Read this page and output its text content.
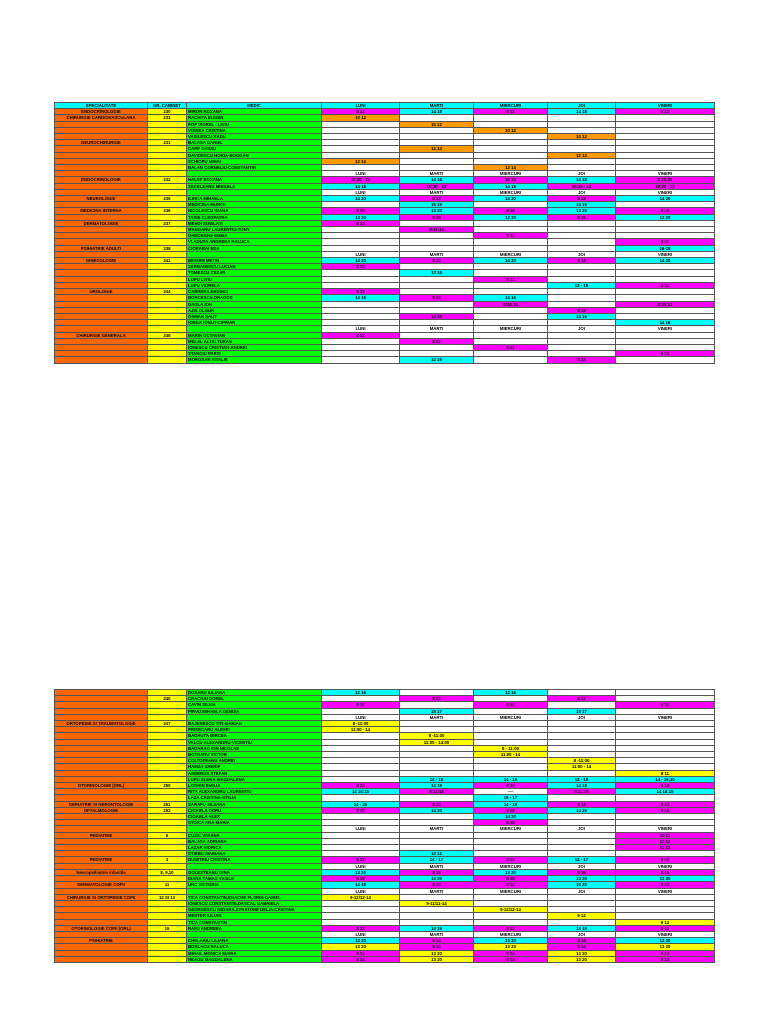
SPECIALITATE	NR. CABINET	MEDIC	LUNI	MARTI	MIERCURI	JOI	VINERI
ENDOCRINOLOGIE	230	MIRON ROXANA	8 12	14 18	8 12	14 18	8 12
CHIRURGIE CARDIOVASCULARA	231	RACHITA EUGEN	10 12				
		POP VIOREL - LIVIU		10 12			
		VOINEA CRISTINA			10 12		
		VASILESCU RADU				10 12	
NEUROCHIRURGIE	231	BALASA DANIEL					
		CARP OVIDIU		12 14			
		DAVIDESCU HORIA-BOGDAN				12 14	
		SCHIOPU MIHAI	12 14				
		BALAN CORNELIU-CONSTANTIN			12 14		
			LUNI	MARTI	MIERCURI	JOI	VINERI
ENDOCRINOLOGIE	232	HALEF ROXANA	10:30 - 13	14 18	10 13	14 18	8 10:30
		SECELEANU MIHAELA	14 18	10:30 - 13	14 18	10:30 - 13	10:30 - 13
			LUNI	MARTI	MIERCURI	JOI	VINERI
NEUROLOGIE	235	ILINCA MIHAELA	14 20	8 13	14 20	8 13	14 20
		MEDICINA MUNCII		15 19		15 19	
MEDICINA INTERNA	236	NICOLESCU IOANA	8 15	13 20	8 15	13 20	8 15
		TASIE CLEOPATRA	13 20	8 15	13 20	8 15	13 20
DERMATOLOGIE	237	MEHDI SOWLATI	8 13				
		MANGANU LAURENTIU-TONY		8-11-14			
		GHEORGHE EMMA			8 11		
		VLADUTA ANDREEA RALUCA					8 11
PSIHIATRIE ADULTI	238	CIORABAI EDA					16-18
			LUNI	MARTI	MIERCURI	JOI	VINERI
GINECOLOGIE	241	BESHIM METIN	14 20	8 13	14 20	8 13	14 20
		SERBANESCU LUCIAN	8 13				
		TOMESCU CEZAR		13 15			
		LUPU LIVIU			8 11		
		LUPU VIORELA				13 - 15	8 11
UROLOGIE	244	CABRERA ERDINCI	8 13				
		BORCESCU DRAGOS	14 16	8 13	14 16		
		DAGLA ION			8:30 13		8:30 13
		AJIS OLGUN				8 13	
		OSMAN SAUT		14 16		14 16	
		IORGA IONUT-CIPRIAN					14 16
			LUNI	MARTI	MIERCURI	JOI	VINERI
CHIRURGIE GENERALA	245	MARIN OCTAVIAN	8 12				
		MELAL ALTAI TURAN		8 12			
		IONESCU CRISTIAN-ANDREI			8 12		
		STANCIU PARIS					8 12
		MOROSAN VITALIE		12 16		8 12	
		DOSARU IULIANA	12 16		12 16		
	240	CRACIUN DOREL		8 12		8 12	
		CAVIN SILVIA	8 12		8 12		8 12
		PIRVU MIHAELA DENISA		15 17		15 17	
			LUNI	MARTI	MIERCURI	JOI	VINERI
ORTOPEDIE SI TRAUMATOLOGIE	247	BAJENESCU TITI-MARIAN	8 -11:00				
		PRISECARU ALEXEI	11:00 - 14				
		BADAUTA MIRCEA		8 -11:00			
		VALCU ALEXANDRU-VICENTIU		11:00 - 14:00			
		BADARAU ION NICOLAE			8 - 11:00		
		BOTNARU VICTOR			11:00 - 14		
		COLTOFEANU ANDREI				8 -11:00	
		HAMZA SHERIF				11:00 - 14	
		ANDERUS STEFAN					8 11
		LUPU ELENA-MAGDALENA		14 - 18	14 - 19	14 - 19	14 - 16,30
OTORINOLOGIE (ORL)	250	LOGHIN EMILIA	8 13	14 19	8 13	14 18	8 18
		RITA ALEXANDRU LAURENTIU	14 16:15	8 11:15	----	8 11:15	14 16:15
		LAZA CRISTINA-OTILIA			16 - 17		
GERIATRIE SI GERONTOLOGIE	251	SARAFU SILVANA	14 - 20	8 13	14 - 18	8 13	8 13
OFTALMOLOGIE	252	CIOABLA DORU	8 15	14 20	8 15	14 20	8 15
		CIOABLA ALEX			14 20		
		STOICA ANA-MARIA			8 15		
			LUNI	MARTI	MIERCURI	JOI	VINERI
PEDIATRIE	5	CUZIC VIVIANA					10 11
		BALASA ADRIANA					12 13
		LAZAR VIORICA					11 12
		STIRBU MARIANA		10 12			
PEDIATRIE	3	DUMITRIU CRISTINA	8 12	14 - 17	8 12	14 - 17	8 12
			LUNI	MARTI	MIERCURI	JOI	VINERI
Neuropsihiatrie infantila	8, 9,10	GOLESTEANU GINA	13 20	8 15	13 20	8 15	8 15
		DIANA TAMAS VASILE	8 15	13 20	8 15	13 20	13 20
DERMATOLOGIE COPII	11	UNC VICTORIA	14 18	8 13	8 13	15 20	8 13
			LUNI	MARTI	MIERCURI	JOI	VINERI
CHIRURGIE SI ORTOPEDIE COPII	12 SI 13	TICA CONSTANTIN,ENACHE FLORIN-DANIEL	9-12/12-14				
		IONESCU CONSTANTIN,DASCAL GABRIELA		9-11/11-14			
		GEORGESCU MIOARA,STRATONE DELIA-CRISTINA			9-12/12-14		
		MESTER IULIAN				9 12	
		TICA CONSTANTIN					9 12
OTORINOLOGIE COPII (ORL)	15	RAIIU ANDREEA	8 12	14 19	8 12	14 19	8 12
			LUNI	MARTI	MIERCURI	JOI	VINERI
PSIHIATRIE		CHELARIU LILIANA	13 20	8 14	13 20	8 14	13 20
		BORLACU RALUCA	13 20	8 14	13 20	8 14	13 20
		MIHAIL MONICA MARIA	8 14	13 20	8 14	13 20	8 14
		NEAGU MAGDALENA	8 14	13 20	8 14	13 20	8 14
